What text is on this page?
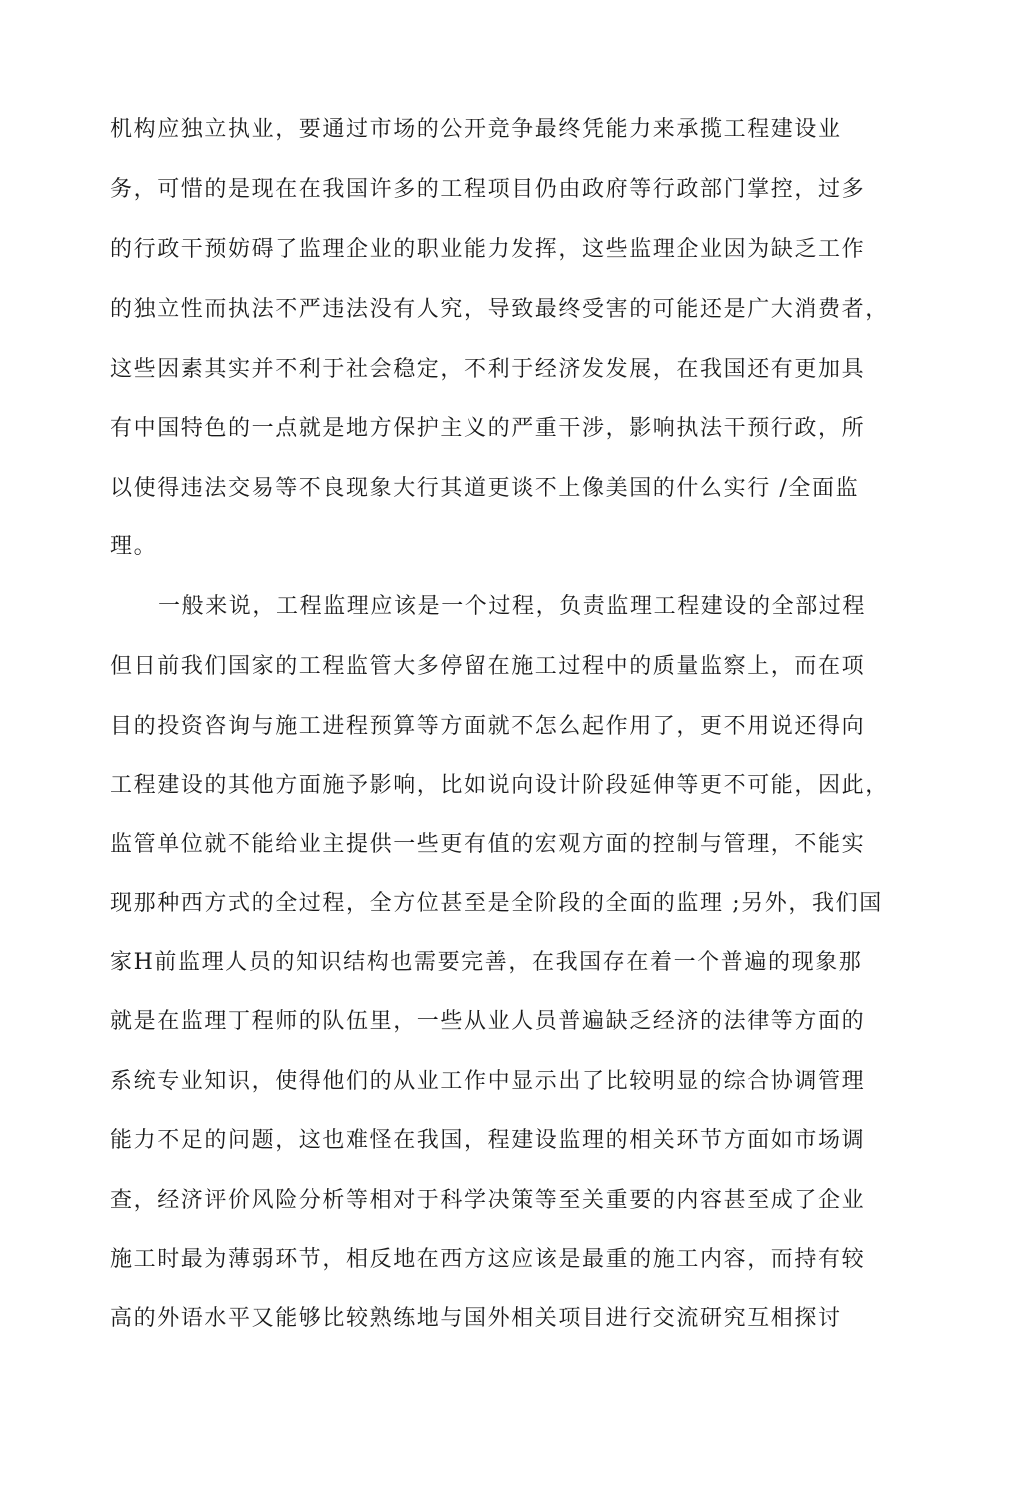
机构应独立执业，要通过市场的公开竞争最终凭能力来承揽工程建设业
务，可惜的是现在在我国许多的工程项目仍由政府等行政部门掌控，过多
的行政干预妨碍了监理企业的职业能力发挥，这些监理企业因为缺乏工作
的独立性而执法不严违法没有人究，导致最终受害的可能还是广大消费者，
这些因素其实并不利于社会稳定，不利于经济发发展，在我国还有更加具
有中国特色的一点就是地方保护主义的严重干涉，影响执法干预行政，所
以使得违法交易等不良现象大行其道更谈不上像美国的什么实行 /全面监
理。
一般来说，工程监理应该是一个过程，负责监理工程建设的全部过程
但日前我们国家的工程监管大多停留在施工过程中的质量监察上，而在项
目的投资咨询与施工进程预算等方面就不怎么起作用了，更不用说还得向
工程建设的其他方面施予影响，比如说向设计阶段延伸等更不可能，因此，
监管单位就不能给业主提供一些更有值的宏观方面的控制与管理，不能实
现那种西方式的全过程，全方位甚至是全阶段的全面的监理 ;另外，我们国
家H前监理人员的知识结构也需要完善，在我国存在着一个普遍的现象那
就是在监理丁程师的队伍里，一些从业人员普遍缺乏经济的法律等方面的
系统专业知识，使得他们的从业工作中显示出了比较明显的综合协调管理
能力不足的问题，这也难怪在我国，程建设监理的相关环节方面如市场调
查，经济评价风险分析等相对于科学决策等至关重要的内容甚至成了企业
施工时最为薄弱环节，相反地在西方这应该是最重的施工内容，而持有较
高的外语水平又能够比较熟练地与国外相关项目进行交流研究互相探讨
